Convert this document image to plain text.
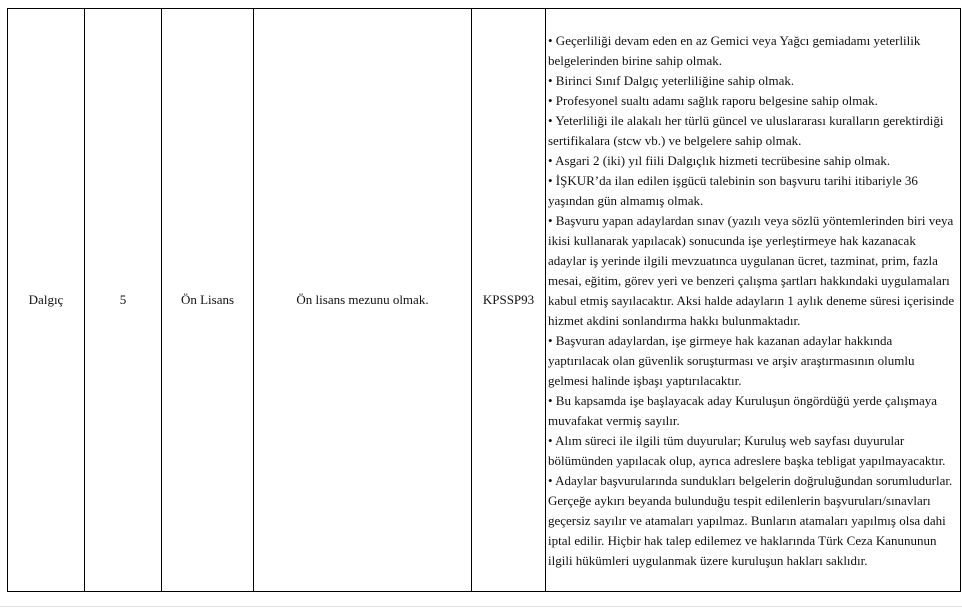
Dalgıç	5	Ön Lisans	Ön lisans mezunu olmak.	KPSSP93	
• Geçerliliği devam eden en az Gemici veya Yağcı gemiadamı yeterlilik belgelerinden birine sahip olmak.
• Birinci Sınıf Dalgıç yeterliliğine sahip olmak.
• Profesyonel sualtı adamı sağlık raporu belgesine sahip olmak.
• Yeterliliği ile alakalı her türlü güncel ve uluslararası kuralların gerektirdiği sertifikalara (stcw vb.) ve belgelere sahip olmak.
• Asgari 2 (iki) yıl fiili Dalgıçlık hizmeti tecrübesine sahip olmak.
• İŞKUR’da ilan edilen işgücü talebinin son başvuru tarihi itibariyle 36 yaşından gün almamış olmak.
• Başvuru yapan adaylardan sınav (yazılı veya sözlü yöntemlerinden biri veya ikisi kullanarak yapılacak) sonucunda işe yerleştirmeye hak kazanacak adaylar iş yerinde ilgili mevzuatınca uygulanan ücret, tazminat, prim, fazla mesai, eğitim, görev yeri ve benzeri çalışma şartları hakkındaki uygulamaları kabul etmiş sayılacaktır. Aksi halde adayların 1 aylık deneme süresi içerisinde hizmet akdini sonlandırma hakkı bulunmaktadır.
• Başvuran adaylardan, işe girmeye hak kazanan adaylar hakkında yaptırılacak olan güvenlik soruşturması ve arşiv araştırmasının olumlu gelmesi halinde işbaşı yaptırılacaktır.
• Bu kapsamda işe başlayacak aday Kuruluşun öngördüğü yerde çalışmaya muvafakat vermiş sayılır.
• Alım süreci ile ilgili tüm duyurular; Kuruluş web sayfası duyurular bölümünden yapılacak olup, ayrıca adreslere başka tebligat yapılmayacaktır.
• Adaylar başvurularında sundukları belgelerin doğruluğundan sorumludurlar. Gerçeğe aykırı beyanda bulunduğu tespit edilenlerin başvuruları/sınavları geçersiz sayılır ve atamaları yapılmaz. Bunların atamaları yapılmış olsa dahi iptal edilir. Hiçbir hak talep edilemez ve haklarında Türk Ceza Kanununun ilgili hükümleri uygulanmak üzere kuruluşun hakları saklıdır.
